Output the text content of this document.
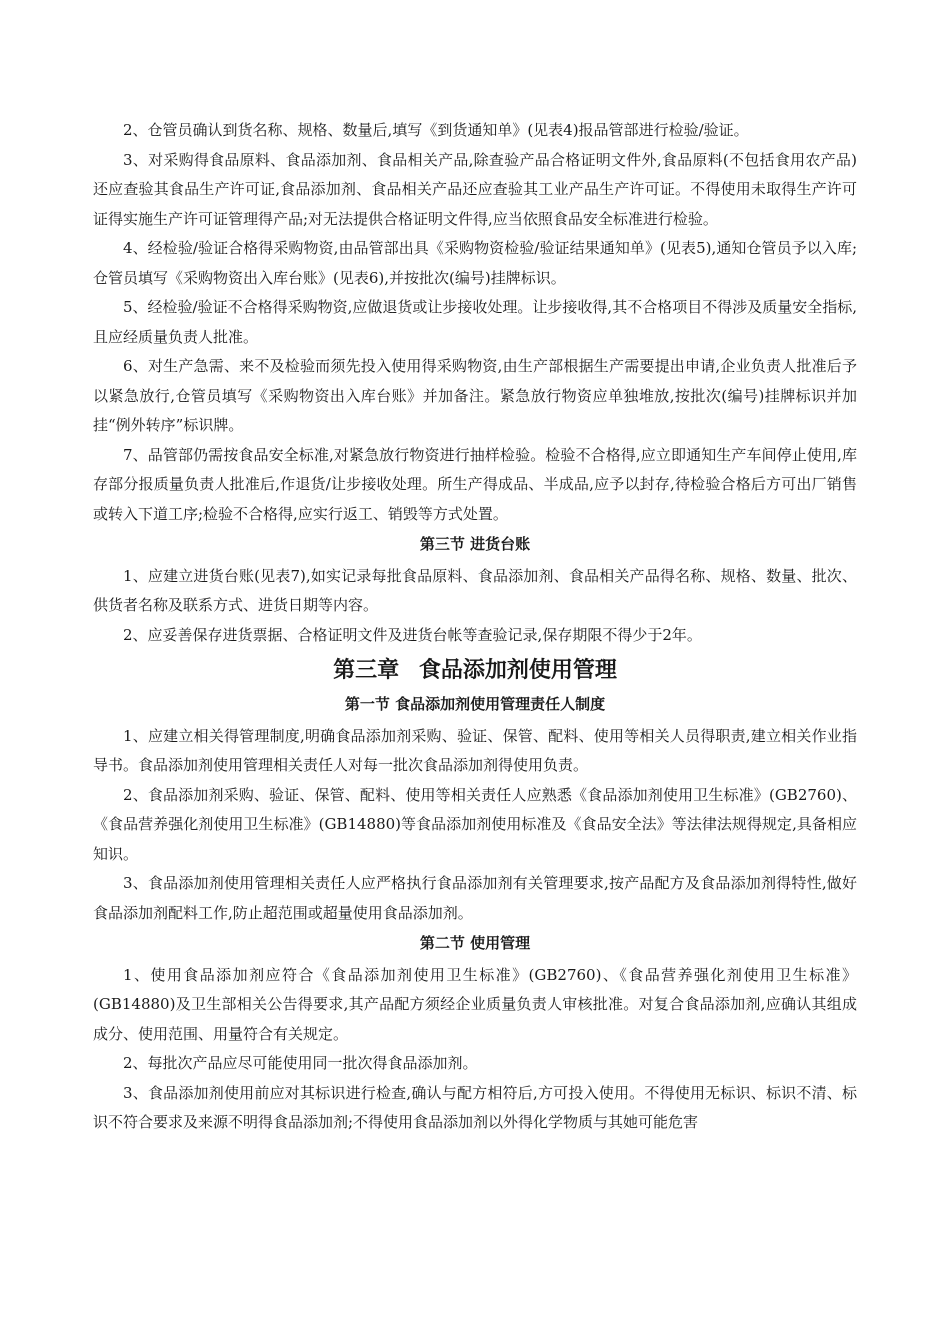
2、仓管员确认到货名称、规格、数量后,填写《到货通知单》(见表4)报品管部进行检验/验证。

3、对采购得食品原料、食品添加剂、食品相关产品,除查验产品合格证明文件外,食品原料(不包括食用农产品)还应查验其食品生产许可证,食品添加剂、食品相关产品还应查验其工业产品生产许可证。不得使用未取得生产许可证得实施生产许可证管理得产品;对无法提供合格证明文件得,应当依照食品安全标准进行检验。

4、经检验/验证合格得采购物资,由品管部出具《采购物资检验/验证结果通知单》(见表5),通知仓管员予以入库;仓管员填写《采购物资出入库台账》(见表6),并按批次(编号)挂牌标识。

5、经检验/验证不合格得采购物资,应做退货或让步接收处理。让步接收得,其不合格项目不得涉及质量安全指标,且应经质量负责人批准。

6、对生产急需、来不及检验而须先投入使用得采购物资,由生产部根据生产需要提出申请,企业负责人批准后予以紧急放行,仓管员填写《采购物资出入库台账》并加备注。紧急放行物资应单独堆放,按批次(编号)挂牌标识并加挂“例外转序”标识牌。

7、品管部仍需按食品安全标准,对紧急放行物资进行抽样检验。检验不合格得,应立即通知生产车间停止使用,库存部分报质量负责人批准后,作退货/让步接收处理。所生产得成品、半成品,应予以封存,待检验合格后方可出厂销售或转入下道工序;检验不合格得,应实行返工、销毁等方式处置。

第三节 进货台账

1、应建立进货台账(见表7),如实记录每批食品原料、食品添加剂、食品相关产品得名称、规格、数量、批次、供货者名称及联系方式、进货日期等内容。

2、应妥善保存进货票据、合格证明文件及进货台帐等查验记录,保存期限不得少于2年。

第三章 食品添加剂使用管理
第一节 食品添加剂使用管理责任人制度

1、应建立相关得管理制度,明确食品添加剂采购、验证、保管、配料、使用等相关人员得职责,建立相关作业指导书。食品添加剂使用管理相关责任人对每一批次食品添加剂得使用负责。

2、食品添加剂采购、验证、保管、配料、使用等相关责任人应熟悉《食品添加剂使用卫生标准》(GB2760)、《食品营养强化剂使用卫生标准》(GB14880)等食品添加剂使用标准及《食品安全法》等法律法规得规定,具备相应知识。

3、食品添加剂使用管理相关责任人应严格执行食品添加剂有关管理要求,按产品配方及食品添加剂得特性,做好食品添加剂配料工作,防止超范围或超量使用食品添加剂。

第二节 使用管理

1、使用食品添加剂应符合《食品添加剂使用卫生标准》(GB2760)、《食品营养强化剂使用卫生标准》(GB14880)及卫生部相关公告得要求,其产品配方须经企业质量负责人审核批准。对复合食品添加剂,应确认其组成成分、使用范围、用量符合有关规定。

2、每批次产品应尽可能使用同一批次得食品添加剂。

3、食品添加剂使用前应对其标识进行检查,确认与配方相符后,方可投入使用。不得使用无标识、标识不清、标识不符合要求及来源不明得食品添加剂;不得使用食品添加剂以外得化学物质与其她可能危害
